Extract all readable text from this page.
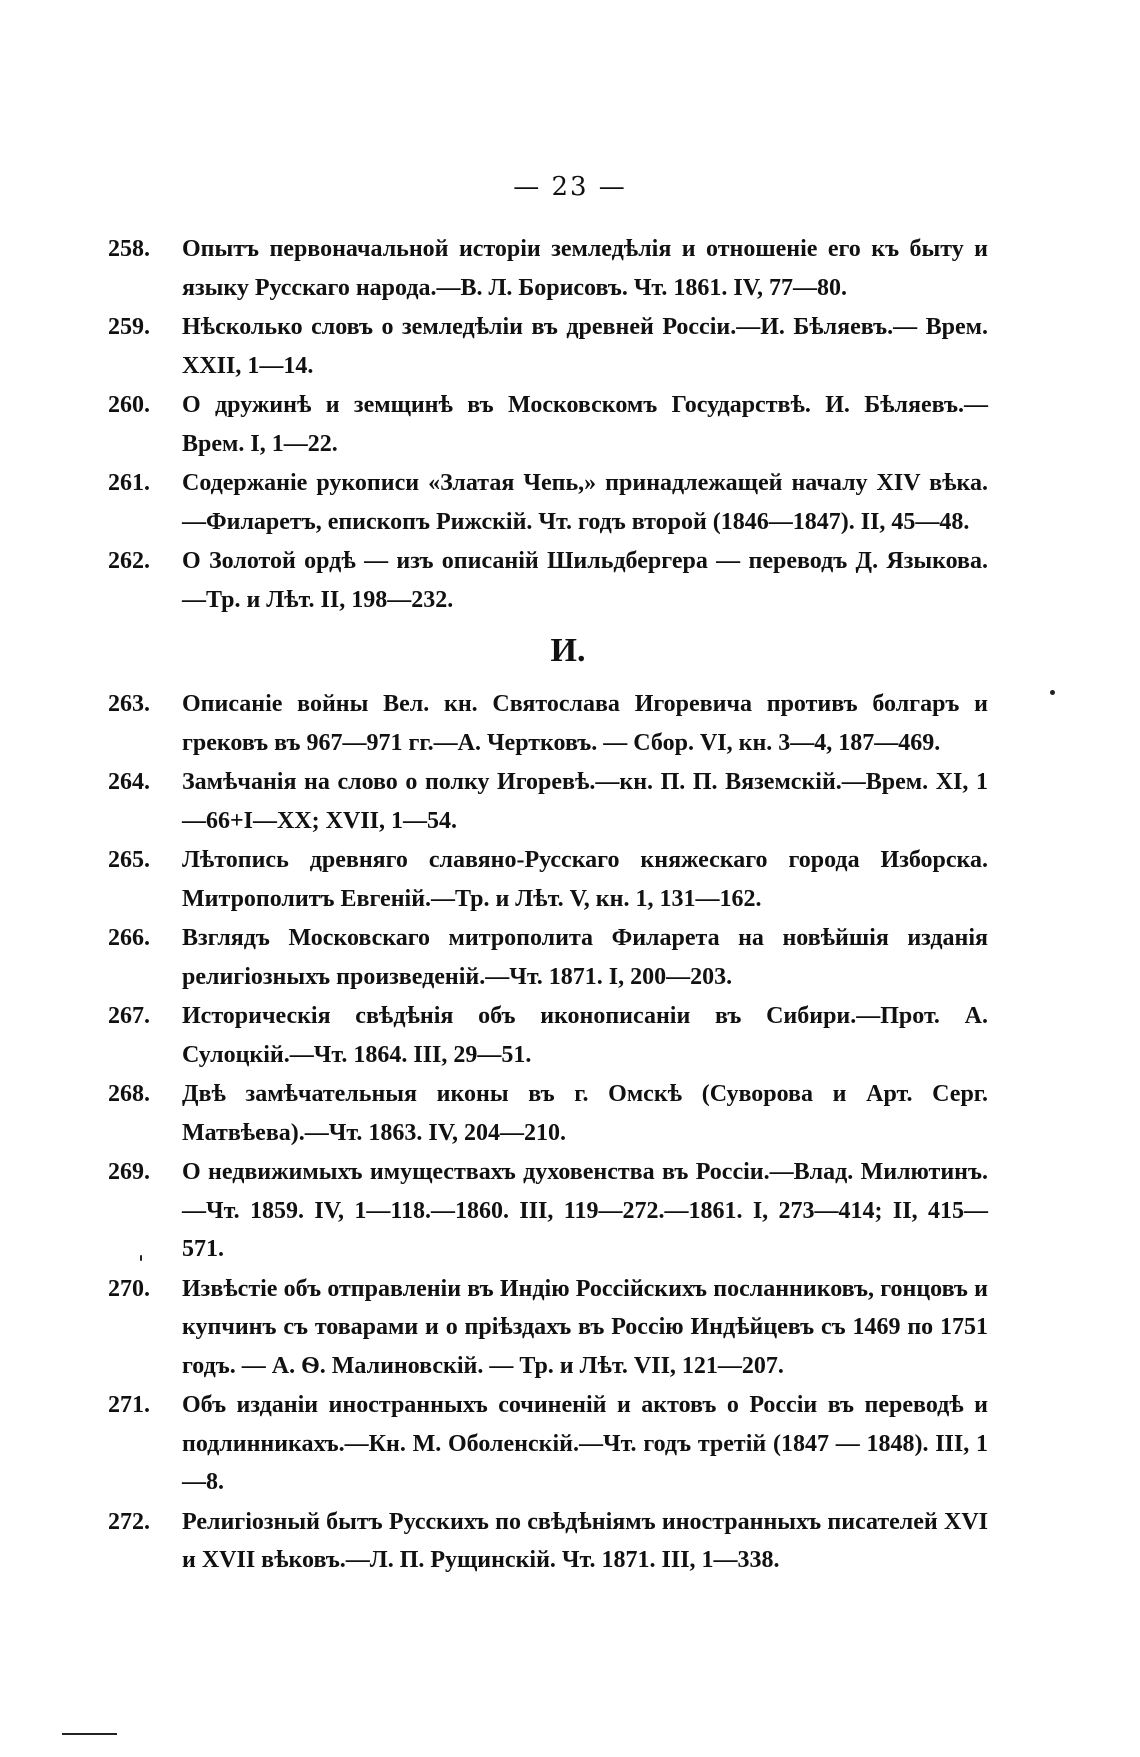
— 23 —
258.	Опытъ первоначальной исторіи земледѣлія и отношеніе его къ быту и языку Русскаго народа.—В. Л. Борисовъ. Чт. 1861. IV, 77—80.
259.	Нѣсколько словъ о земледѣліи въ древней Россіи.—И. Бѣляевъ.— Врем. XXII, 1—14.
260.	О дружинѣ и земщинѣ въ Московскомъ Государствѣ. И. Бѣляевъ.— Врем. I, 1—22.
261.	Содержаніе рукописи «Златая Чепь,» принадлежащей началу XIV вѣка.—Филаретъ, епископъ Рижскій. Чт. годъ второй (1846—1847). II, 45—48.
262.	О Золотой ордѣ — изъ описаній Шильдбергера — переводъ Д. Языкова.—Тр. и Лѣт. II, 198—232.
И.
263.	Описаніе войны Вел. кн. Святослава Игоревича противъ болгаръ и грековъ въ 967—971 гг.—А. Чертковъ. — Сбор. VI, кн. 3—4, 187—469.
264.	Замѣчанія на слово о полку Игоревѣ.—кн. П. П. Вяземскій.—Врем. XI, 1—66+I—XX; XVII, 1—54.
265.	Лѣтопись древняго славяно-Русскаго княжескаго города Изборска. Митрополитъ Евгеній.—Тр. и Лѣт. V, кн. 1, 131—162.
266.	Взглядъ Московскаго митрополита Филарета на новѣйшія изданія религіозныхъ произведеній.—Чт. 1871. I, 200—203.
267.	Историческія свѣдѣнія объ иконописаніи въ Сибири.—Прот. А. Сулоцкій.—Чт. 1864. III, 29—51.
268.	Двѣ замѣчательныя иконы въ г. Омскѣ (Суворова и Арт. Серг. Матвѣева).—Чт. 1863. IV, 204—210.
269.	О недвижимыхъ имуществахъ духовенства въ Россіи.—Влад. Милютинъ.—Чт. 1859. IV, 1—118.—1860. III, 119—272.—1861. I, 273—414; II, 415—571.
270.	Извѣстіе объ отправленіи въ Индію Россійскихъ посланниковъ, гонцовъ и купчинъ съ товарами и о пріѣздахъ въ Россію Индѣйцевъ съ 1469 по 1751 годъ. — А. Ѳ. Малиновскій. — Тр. и Лѣт. VII, 121—207.
271.	Объ изданіи иностранныхъ сочиненій и актовъ о Россіи въ переводѣ и подлинникахъ.—Кн. М. Оболенскій.—Чт. годъ третій (1847 — 1848). III, 1—8.
272.	Религіозный бытъ Русскихъ по свѣдѣніямъ иностранныхъ писателей XVI и XVII вѣковъ.—Л. П. Рущинскій. Чт. 1871. III, 1—338.
